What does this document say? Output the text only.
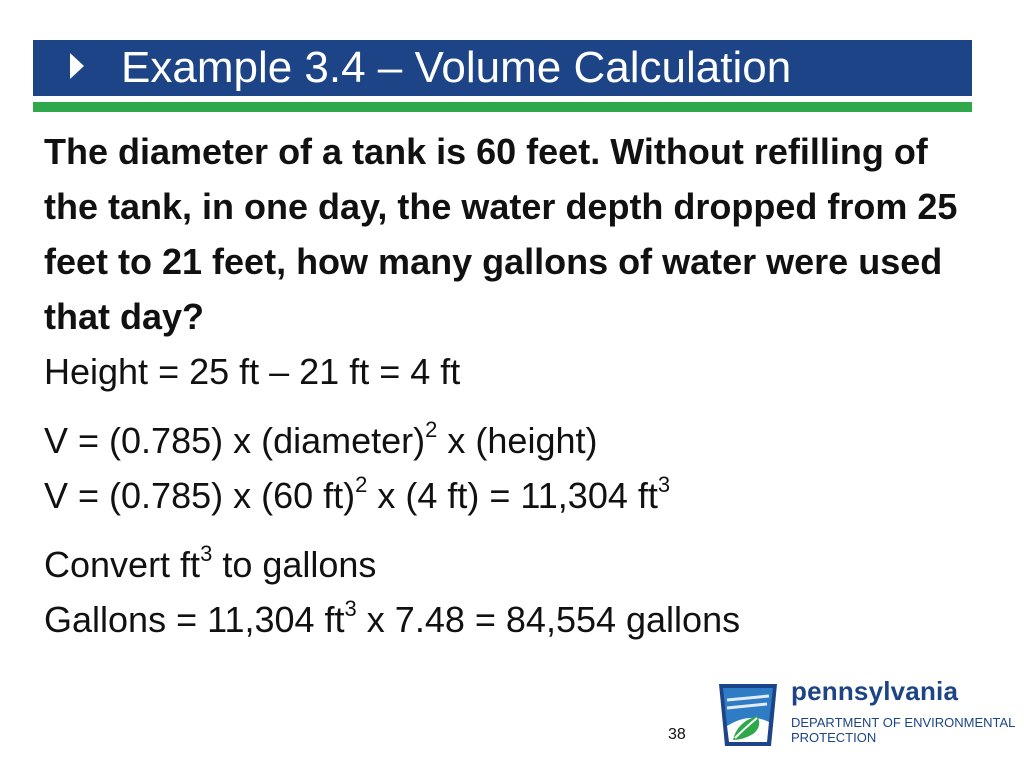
Example 3.4 – Volume Calculation

The diameter of a tank is 60 feet. Without refilling of the tank, in one day, the water depth dropped from 25 feet to 21 feet, how many gallons of water were used that day?

Height = 25 ft – 21 ft = 4 ft

V = (0.785) x (diameter)$^2$ x (height)

V = (0.785) x (60 ft)$^2$ x (4 ft) = 11,304 $ft^3$

Convert $ft^3$ to gallons

Gallons = 11,304 $ft^3$ x 7.48 = 84,554 gallons

38
pennsylvania
DEPARTMENT OF ENVIRONMENTAL PROTECTION
